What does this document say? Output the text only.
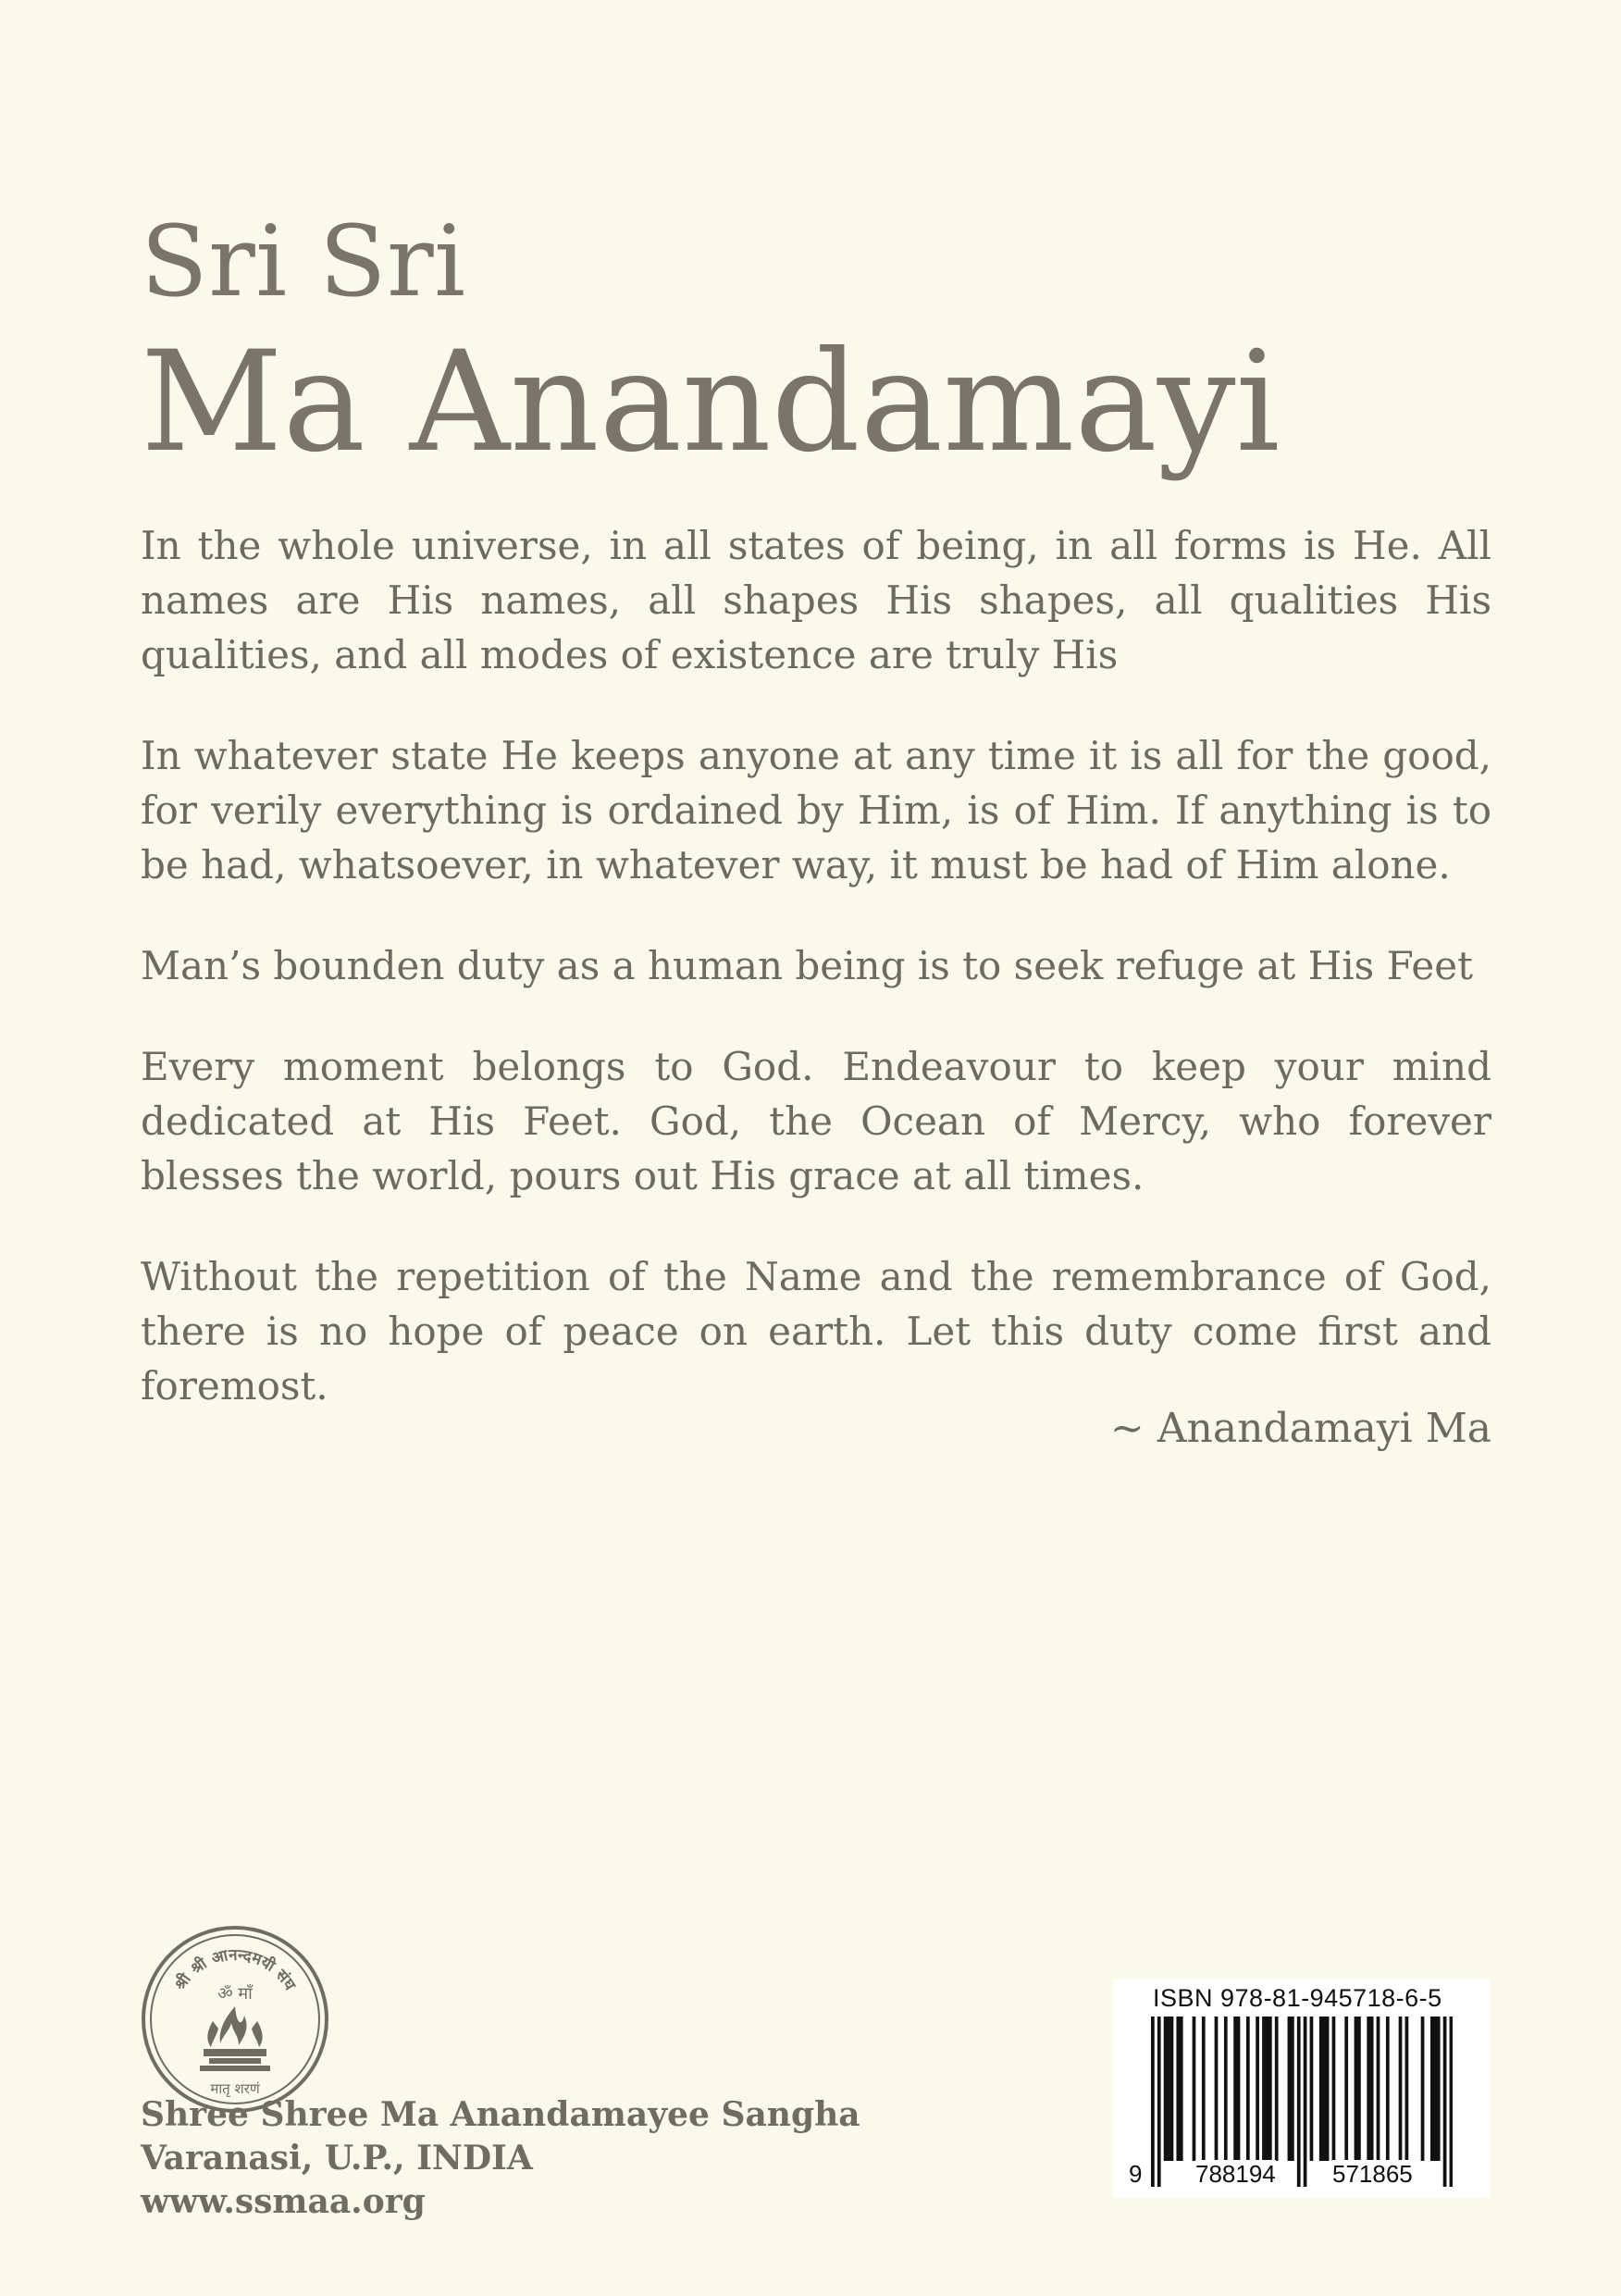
Sri Sri
Ma Anandamayi

In the whole universe, in all states of being, in all forms is He. All names are His names, all shapes His shapes, all qualities His qualities, and all modes of existence are truly His

In whatever state He keeps anyone at any time it is all for the good, for verily everything is ordained by Him, is of Him. If anything is to be had, whatsoever, in whatever way, it must be had of Him alone.

Man’s bounden duty as a human being is to seek refuge at His Feet

Every moment belongs to God. Endeavour to keep your mind dedicated at His Feet. God, the Ocean of Mercy, who forever blesses the world, pours out His grace at all times.

Without the repetition of the Name and the remembrance of God, there is no hope of peace on earth. Let this duty come first and foremost.

~ Anandamayi Ma
श्री श्री आनन्दमयी संघ
ॐ माँ
मातृ शरणं
Shree Shree Ma Anandamayee Sangha
Varanasi, U.P., INDIA
www.ssmaa.org
ISBN 978-81-945718-6-5
9 788194 571865
